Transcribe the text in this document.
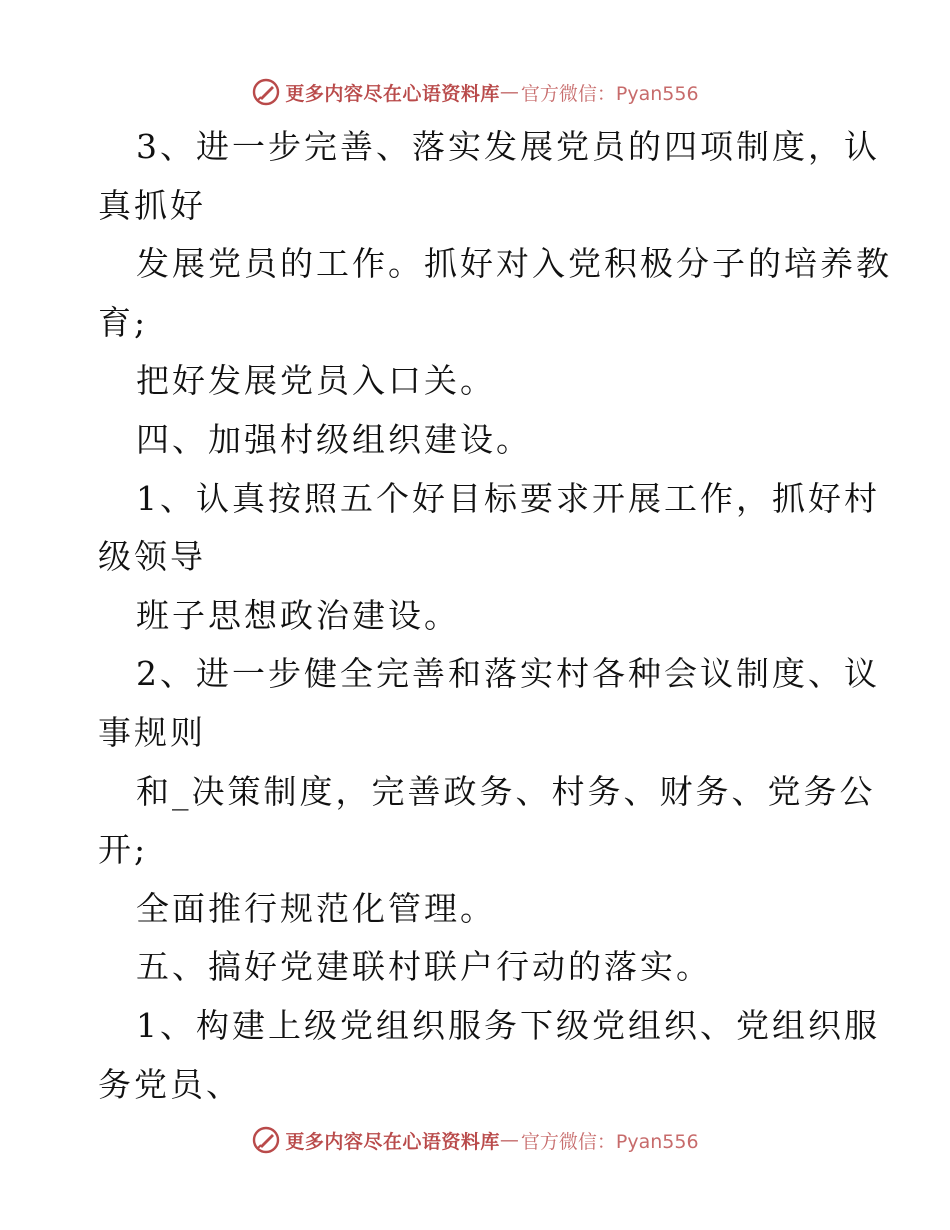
更多内容尽在心语资料库 — 官方微信：Pyan556
3、进一步完善、落实发展党员的四项制度，认
真抓好
发展党员的工作。抓好对入党积极分子的培养教
育;
把好发展党员入口关。
四、加强村级组织建设。
1、认真按照五个好目标要求开展工作，抓好村
级领导
班子思想政治建设。
2、进一步健全完善和落实村各种会议制度、议
事规则
和_决策制度，完善政务、村务、财务、党务公
开;
全面推行规范化管理。
五、搞好党建联村联户行动的落实。
1、构建上级党组织服务下级党组织、党组织服
务党员、
更多内容尽在心语资料库 — 官方微信：Pyan556
